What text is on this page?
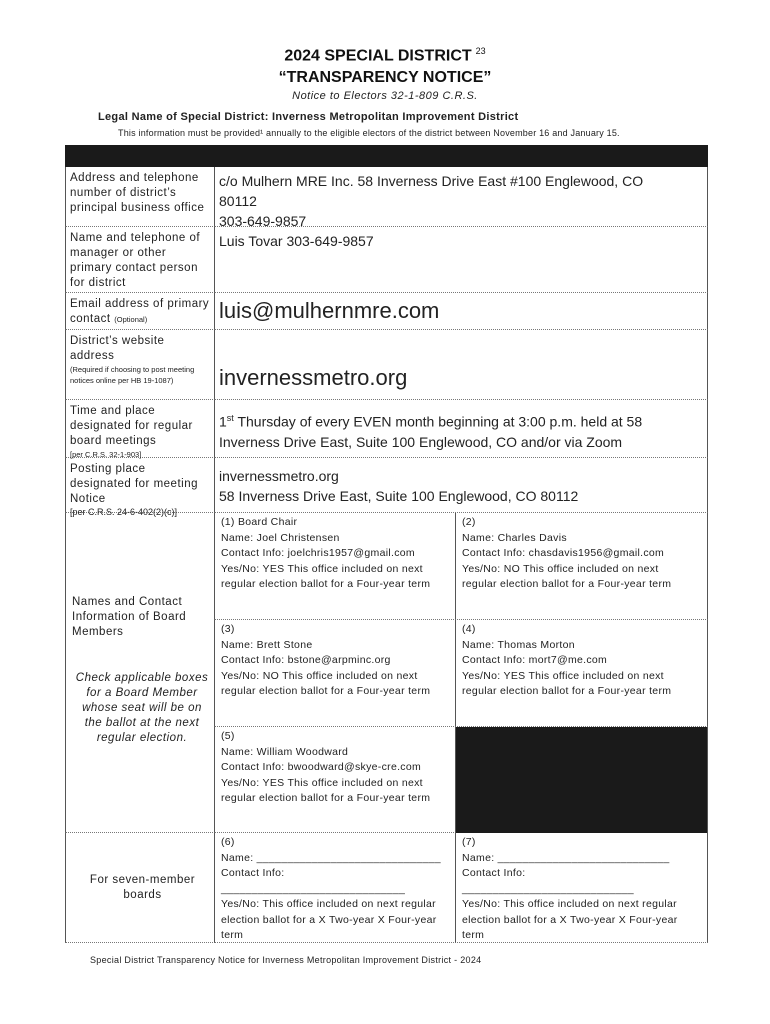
2024 SPECIAL DISTRICT $^{23}$
“TRANSPARENCY NOTICE”
Notice to Electors 32-1-809 C.R.S.
Legal Name of Special District: Inverness Metropolitan Improvement District
This information must be provided¹ annually to the eligible electors of the district between November 16 and January 15.
Address and telephone number of district’s principal business office
c/o Mulhern MRE Inc. 58 Inverness Drive East #100 Englewood, CO
80112
303-649-9857
Name and telephone of manager or other primary contact person for district
Luis Tovar 303-649-9857
Email address of primary
contact (Optional)	luis@mulhernmre.com
District’s website address
(Required if choosing to post meeting notices online per HB 19-1087)	invernessmetro.org
Time and place designated for regular board meetings
[per C.R.S. 32-1-903]
1st Thursday of every EVEN month beginning at 3:00 p.m. held at 58
Inverness Drive East, Suite 100 Englewood, CO and/or via Zoom
Posting place designated for meeting Notice
[per C.R.S. 24-6-402(2)(c)]
invernessmetro.org
58 Inverness Drive East, Suite 100 Englewood, CO 80112
Names and Contact Information of Board Members
Check applicable boxes for a Board Member whose seat will be on the ballot at the next regular election.
(1) Board Chair
Name: Joel Christensen
Contact Info: joelchris1957@gmail.com
Yes/No: YES This office included on next
regular election ballot for a Four-year term
(2)
Name: Charles Davis
Contact Info: chasdavis1956@gmail.com
Yes/No: NO This office included on next
regular election ballot for a Four-year term
(3)
Name: Brett Stone
Contact Info: bstone@arpminc.org
Yes/No: NO This office included on next
regular election ballot for a Four-year term
(4)
Name: Thomas Morton
Contact Info: mort7@me.com
Yes/No: YES This office included on next
regular election ballot for a Four-year term
(5)
Name: William Woodward
Contact Info: bwoodward@skye-cre.com
Yes/No: YES This office included on next
regular election ballot for a Four-year term
For seven-member boards
(6)
Name: ______________________________
Contact Info:
______________________________
Yes/No: This office included on next regular election ballot for a X Two-year X Four-year term
(7)
Name: ____________________________
Contact Info:
____________________________
Yes/No: This office included on next regular election ballot for a X Two-year X Four-year term
Special District Transparency Notice for Inverness Metropolitan Improvement District - 2024
